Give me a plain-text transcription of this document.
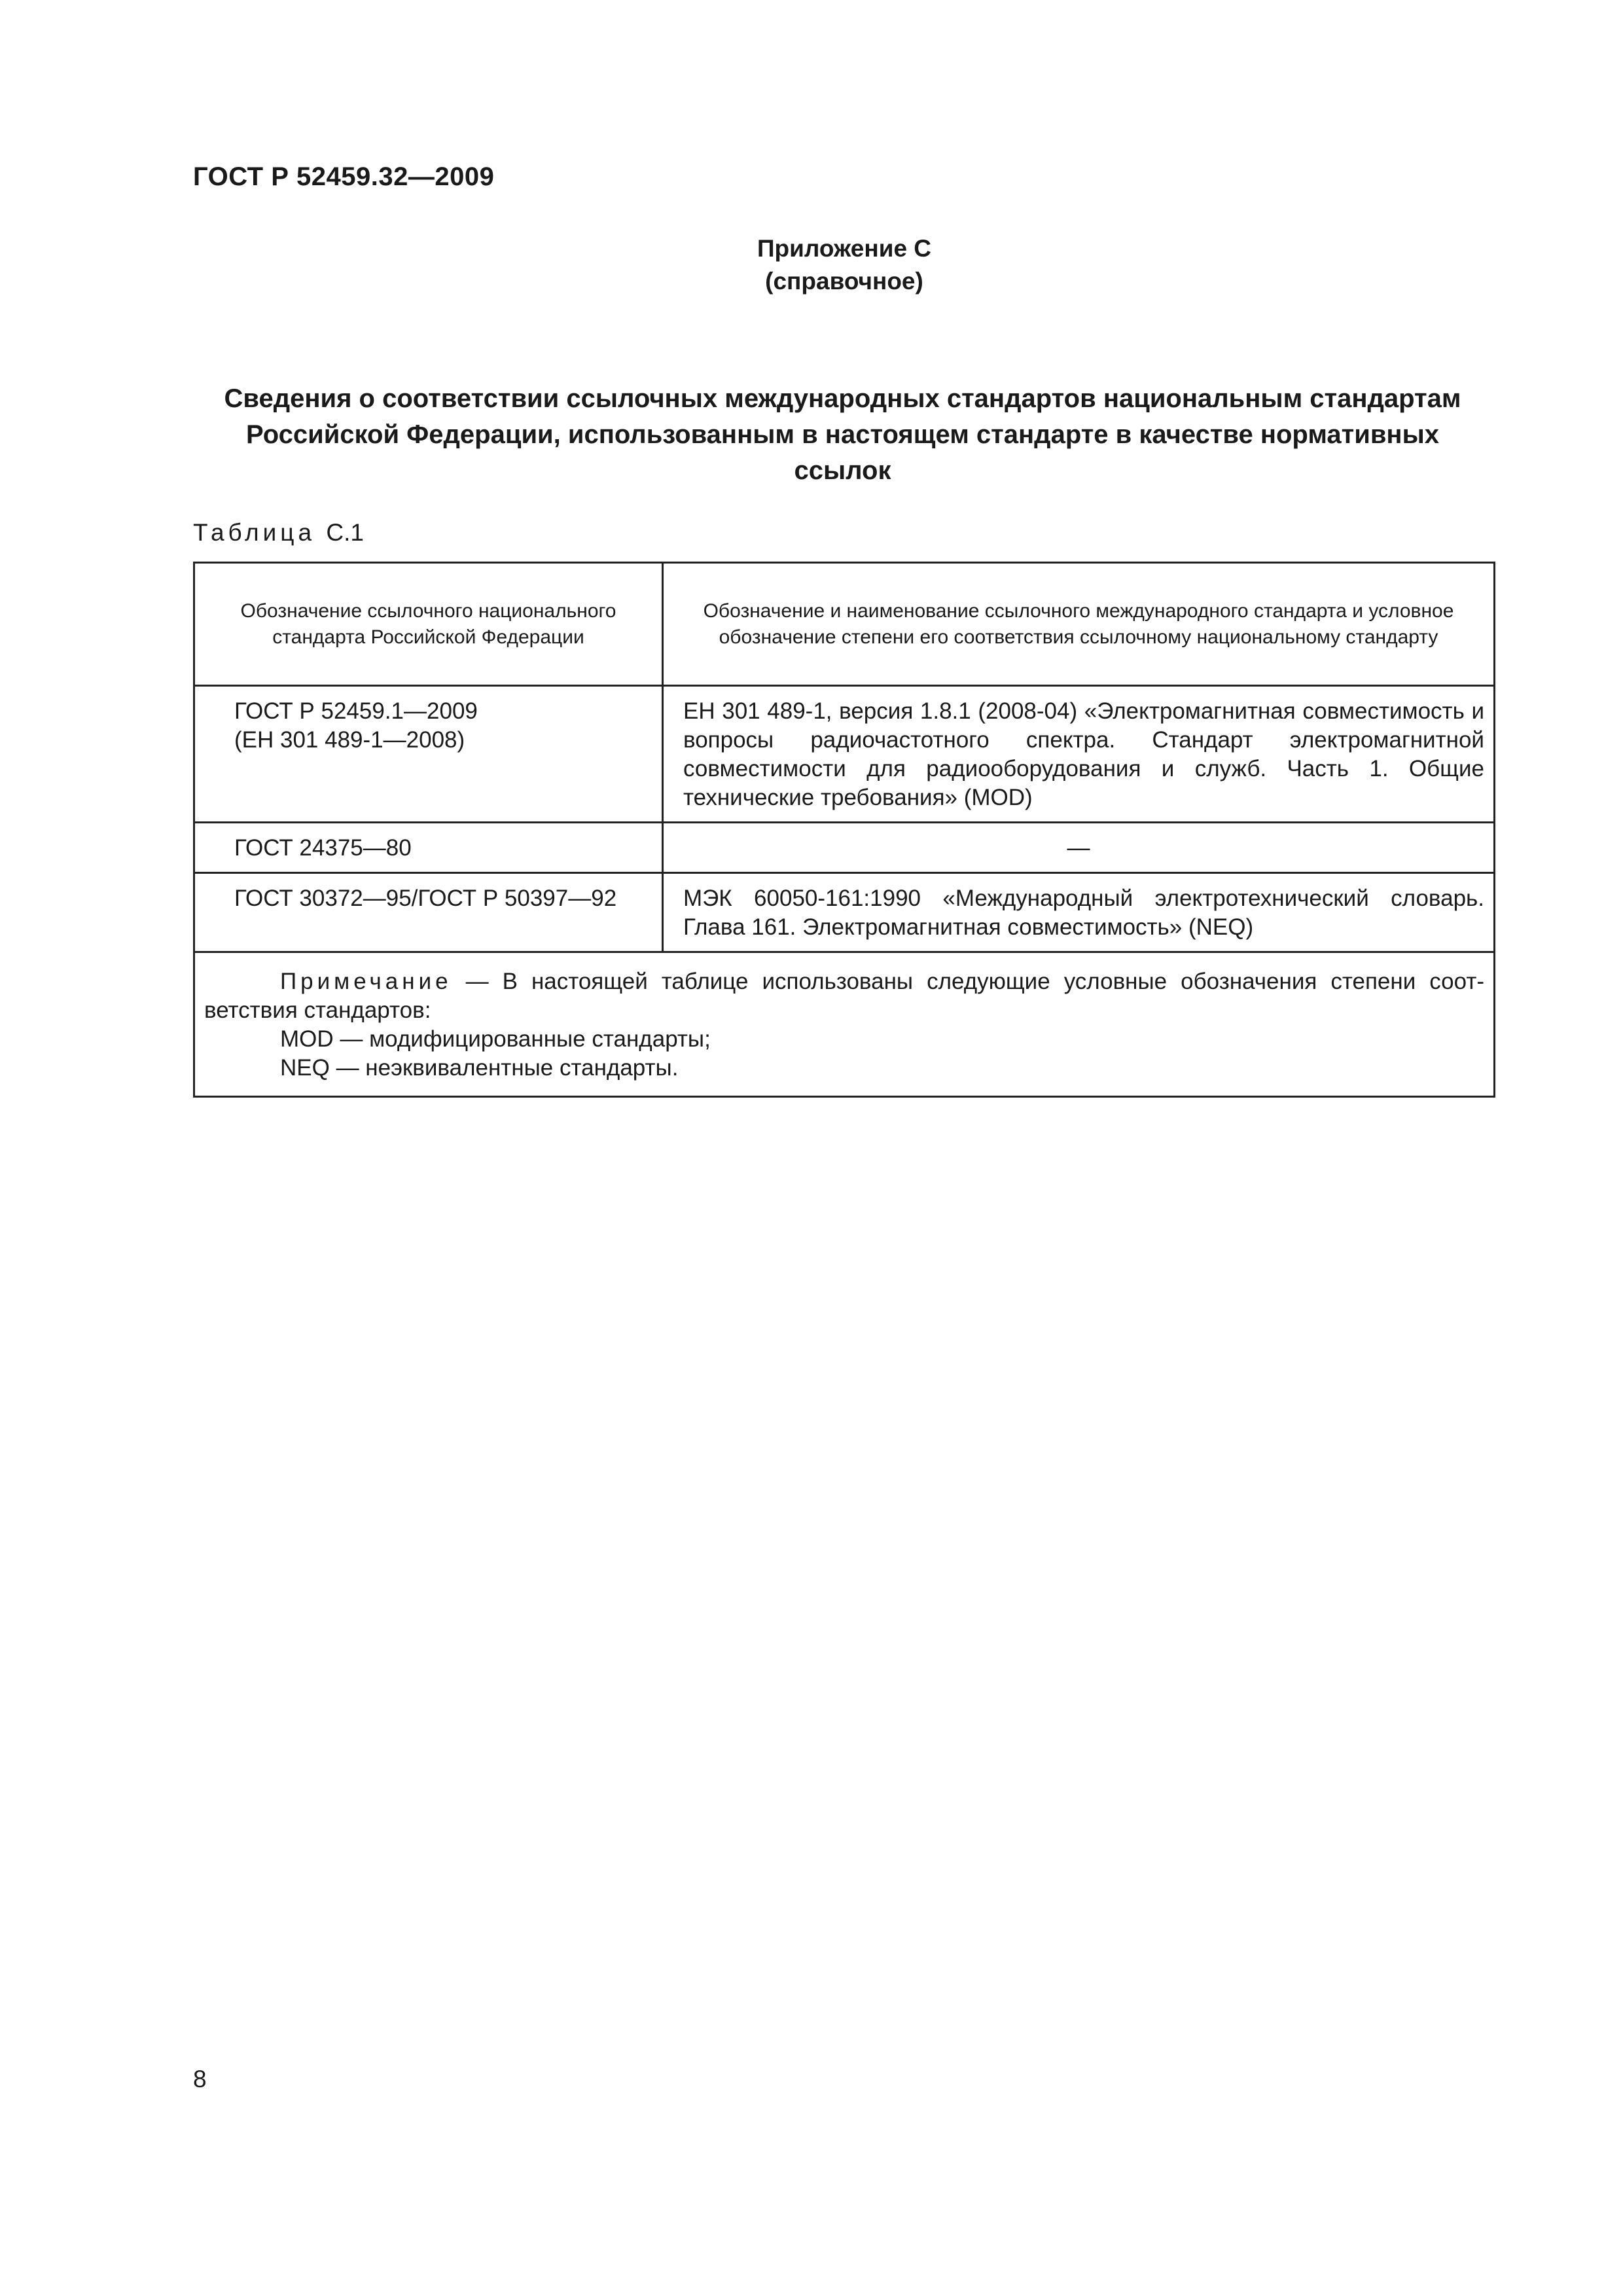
ГОСТ Р 52459.32—2009
Приложение С
(справочное)
Сведения о соответствии ссылочных международных стандартов национальным стандартам
Российской Федерации, использованным в настоящем стандарте в качестве нормативных
ссылок
Таблица С.1
Обозначение ссылочного национального стандарта Российской Федерации	Обозначение и наименование ссылочного международного стандарта и условное обозначение степени его соответствия ссылочному национальному стандарту

ГОСТ Р 52459.1—2009
(ЕН 301 489-1—2008)	ЕН 301 489-1, версия 1.8.1 (2008-04) «Электромагнитная совместимость и вопросы радиочастотного спектра. Стандарт электромагнитной совместимости для радиооборудования и служб. Часть 1. Общие технические требования» (MOD)

ГОСТ 24375—80	—

ГОСТ 30372—95/ГОСТ Р 50397—92	МЭК 60050-161:1990 «Международный электротехнический словарь. Глава 161. Электромагнитная совместимость» (NEQ)

Примечание — В настоящей таблице использованы следующие условные обозначения степени соответствия стандартов:
MOD — модифицированные стандарты;
NEQ — неэквивалентные стандарты.	
8
